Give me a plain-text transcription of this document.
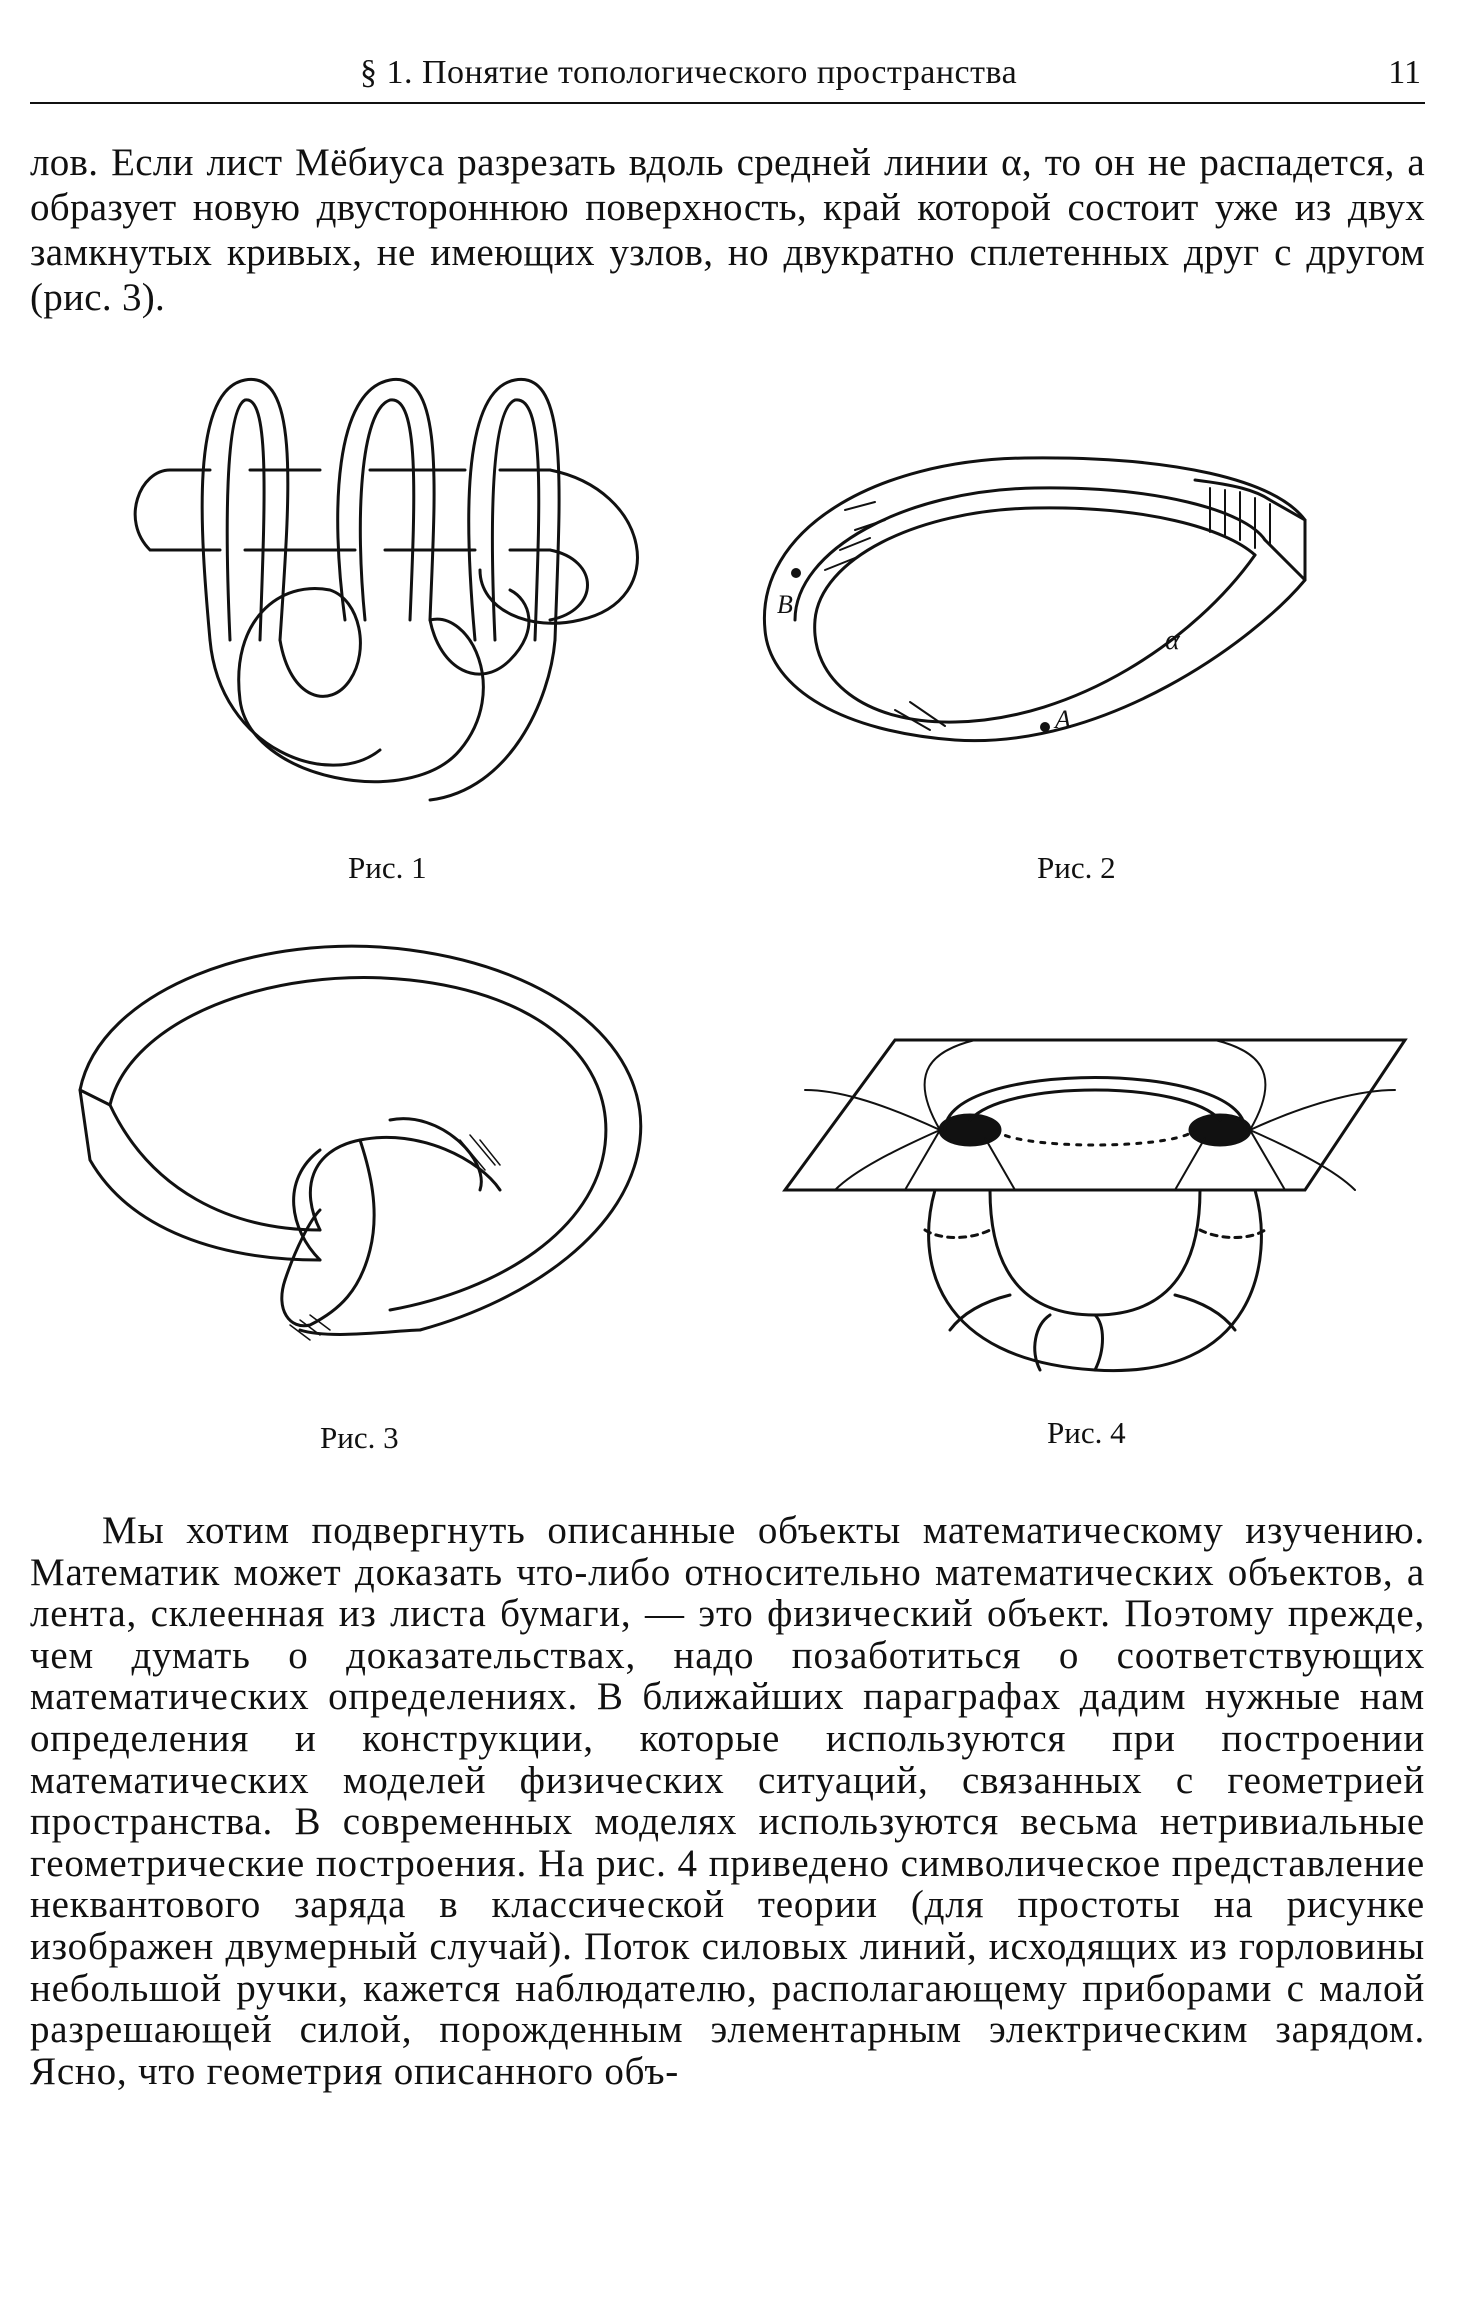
§ 1. Понятие топологического пространства	11

лов. Если лист Мёбиуса разрезать вдоль средней линии α, то он не распадется, а образует новую двустороннюю поверхность, край которой состоит уже из двух замкнутых кривых, не имеющих узлов, но двукратно сплетенных друг с другом (рис. 3).

Рис. 1
B
α
A
Рис. 2
Рис. 3	Рис. 4

Мы хотим подвергнуть описанные объекты математическому изучению. Математик может доказать что-либо относительно математических объектов, а лента, склеенная из листа бумаги, — это физический объект. Поэтому прежде, чем думать о доказательствах, надо позаботиться о соответствующих математических определениях. В ближайших параграфах дадим нужные нам определения и конструкции, которые используются при построении математических моделей физических ситуаций, связанных с геометрией пространства. В современных моделях используются весьма нетривиальные геометрические построения. На рис. 4 приведено символическое представление неквантового заряда в классической теории (для простоты на рисунке изображен двумерный случай). Поток силовых линий, исходящих из горловины небольшой ручки, кажется наблюдателю, располагающему приборами с малой разрешающей силой, порожденным элементарным электрическим зарядом. Ясно, что геометрия описанного объ-
